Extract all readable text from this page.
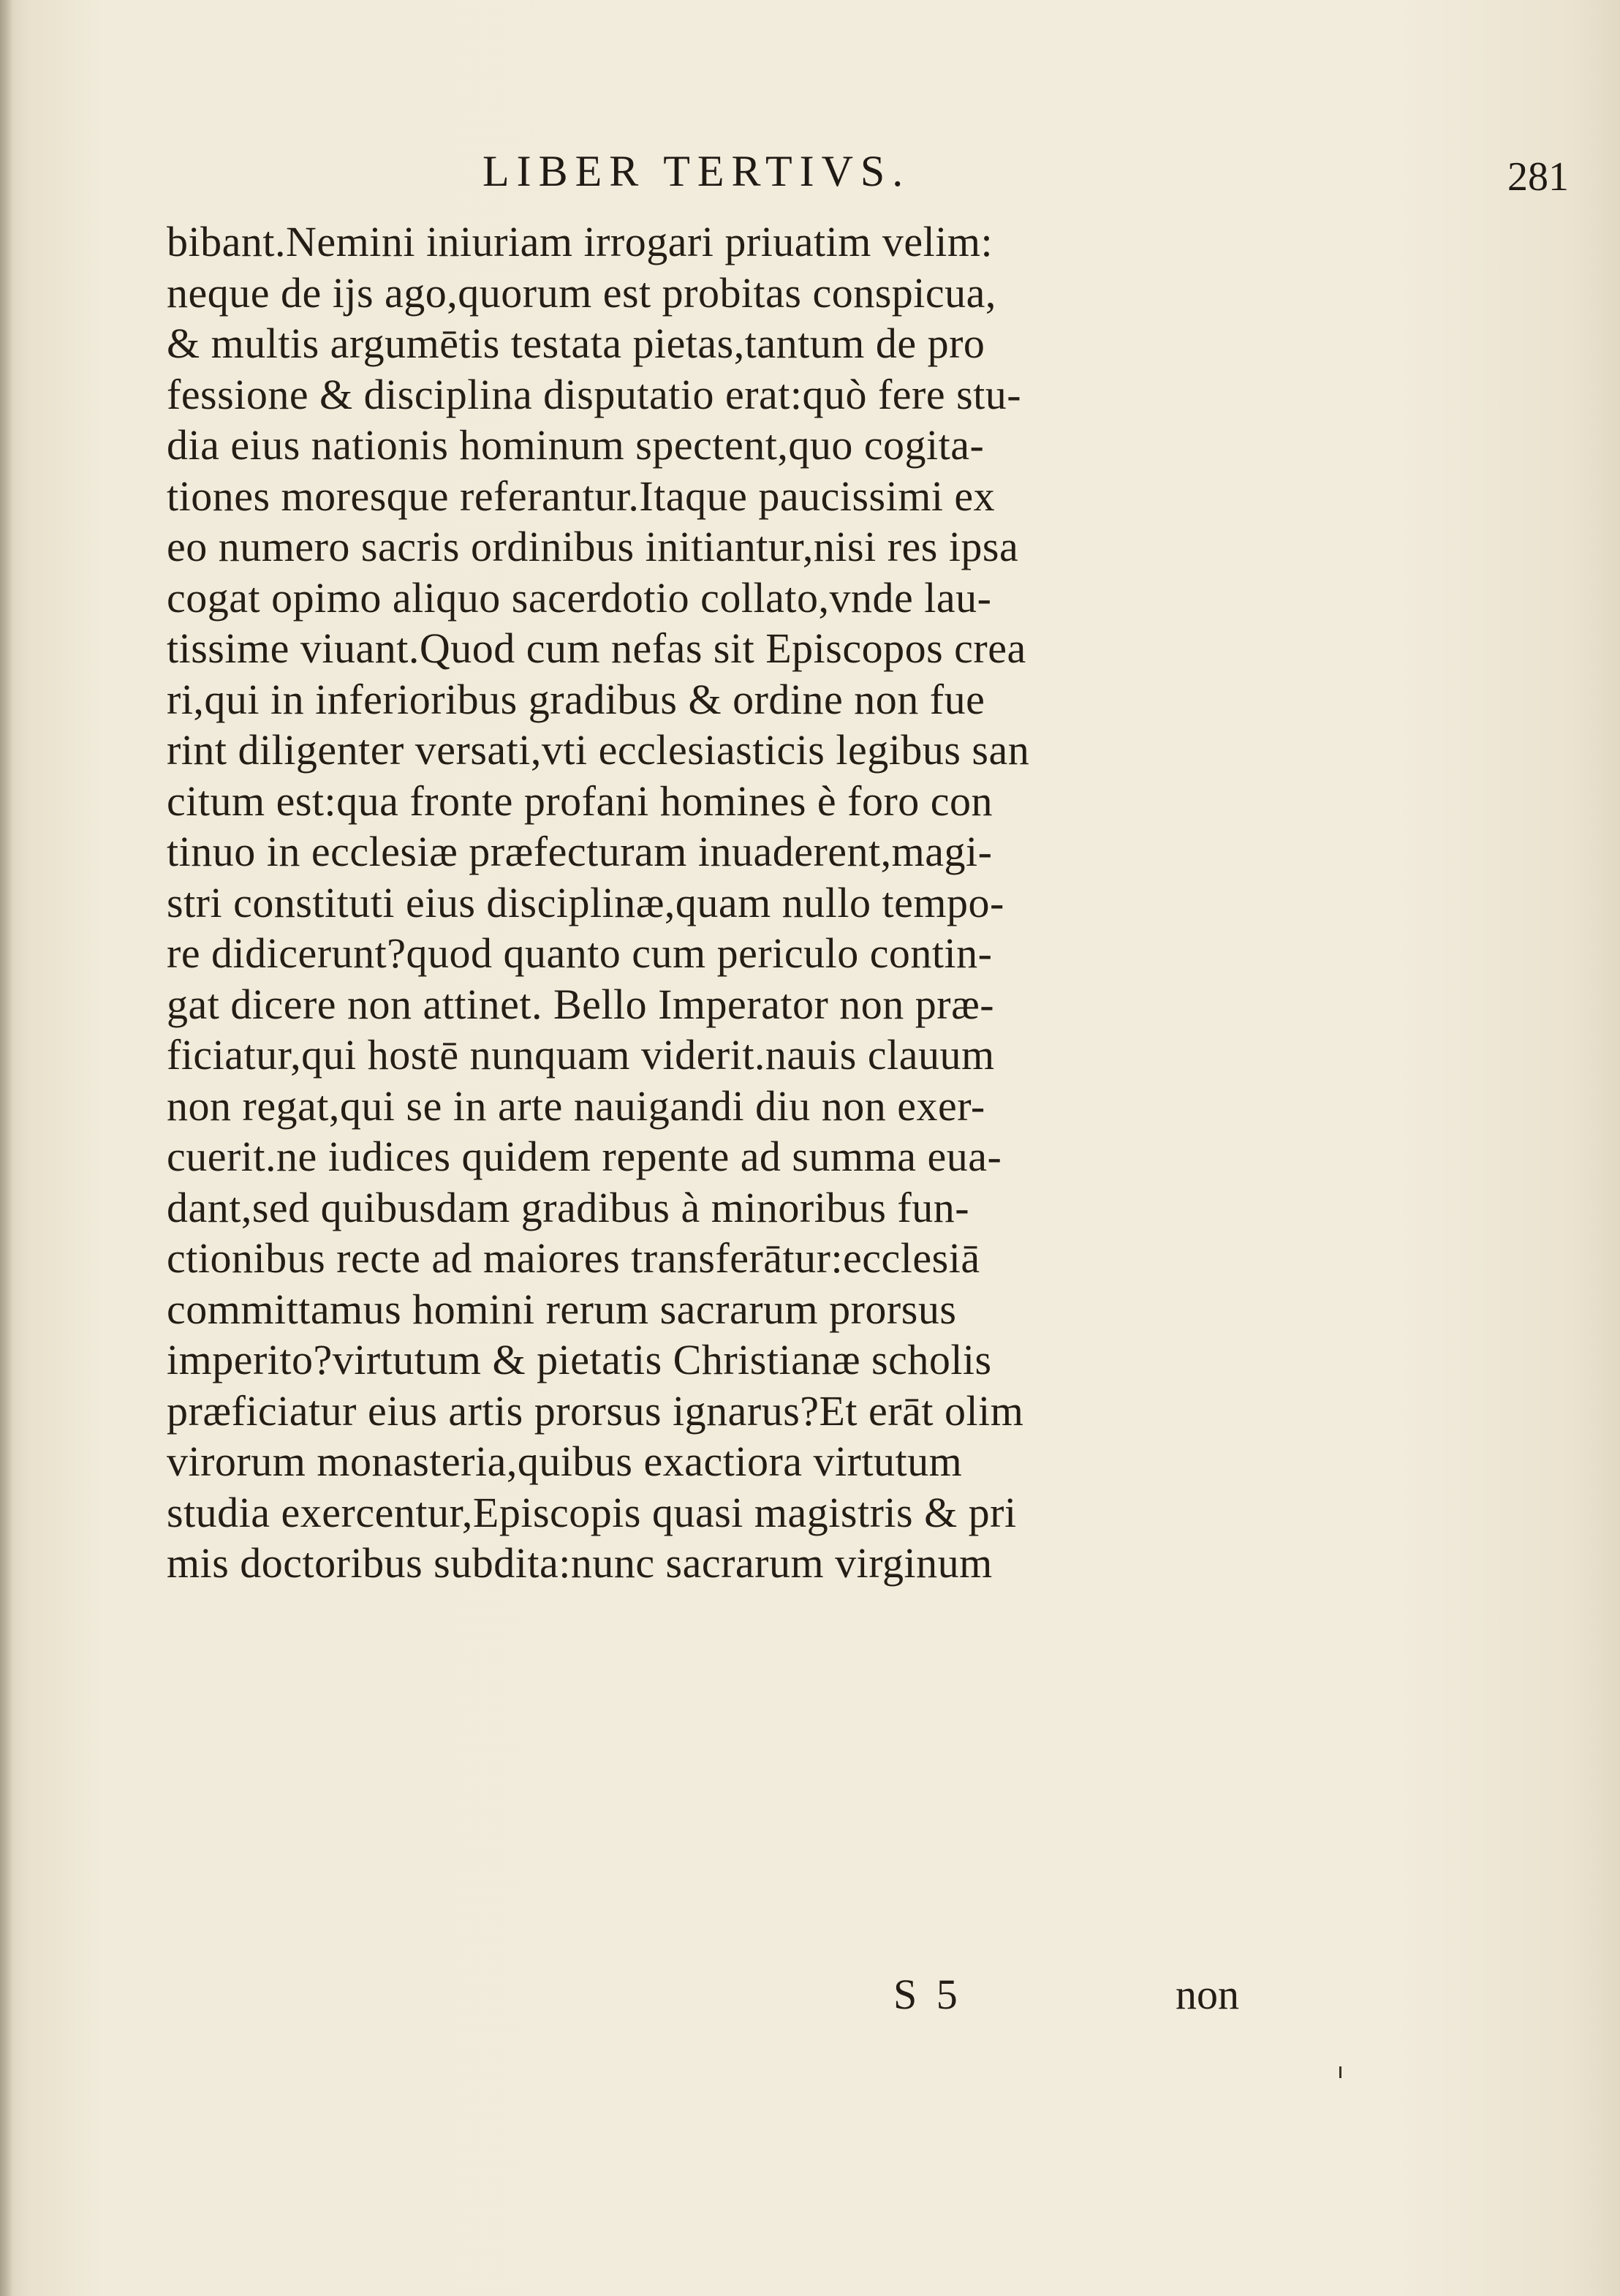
LIBER TERTIVS.	281
bibant.Nemini iniuriam irrogari priuatim velim:
neque de ijs ago,quorum est probitas conspicua,
& multis argumētis testata pietas,tantum de pro
fessione & disciplina disputatio erat:quò fere stu-
dia eius nationis hominum spectent,quo cogita-
tiones moresque referantur.Itaque paucissimi ex
eo numero sacris ordinibus initiantur,nisi res ipsa
cogat opimo aliquo sacerdotio collato,vnde lau-
tissime viuant.Quod cum nefas sit Episcopos crea
ri,qui in inferioribus gradibus & ordine non fue
rint diligenter versati,vti ecclesiasticis legibus san
citum est:qua fronte profani homines è foro con
tinuo in ecclesiæ præfecturam inuaderent,magi-
stri constituti eius disciplinæ,quam nullo tempo-
re didicerunt?quod quanto cum periculo contin-
gat dicere non attinet. Bello Imperator non præ-
ficiatur,qui hostē nunquam viderit.nauis clauum
non regat,qui se in arte nauigandi diu non exer-
cuerit.ne iudices quidem repente ad summa eua-
dant,sed quibusdam gradibus à minoribus fun-
ctionibus recte ad maiores transferātur:ecclesiā
committamus homini rerum sacrarum prorsus
imperito?virtutum & pietatis Christianæ scholis
præficiatur eius artis prorsus ignarus?Et erāt olim
virorum monasteria,quibus exactiora virtutum
studia exercentur,Episcopis quasi magistris & pri
mis doctoribus subdita:nunc sacrarum virginum
S 5	non
